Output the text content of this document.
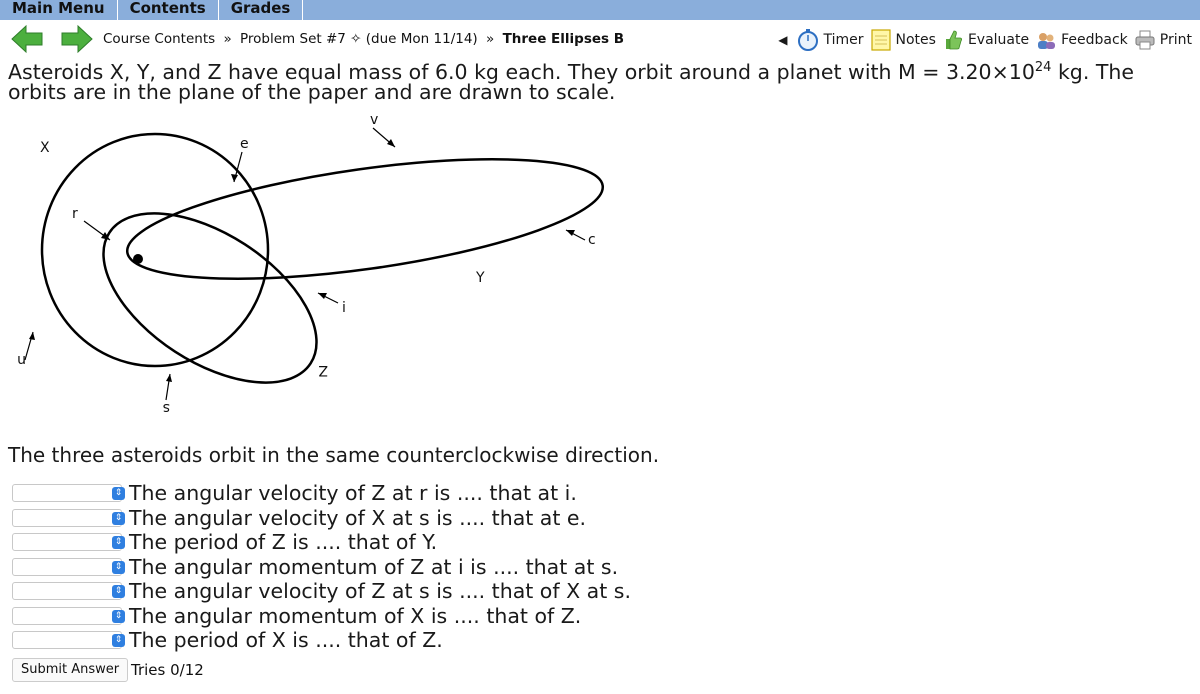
Main Menu	Contents	Grades
Course Contents » Problem Set #7 ✧ (due Mon 11/14) » Three Ellipses B	◀	Timer Notes Evaluate Feedback Print
Asteroids X, Y, and Z have equal mass of 6.0 kg each. They orbit around a planet with $M = 3.20\times 10^{24}$ kg. The orbits are in the plane of the paper and are drawn to scale.
X	e
v
r
c
Y
i
n
Z
s
The three asteroids orbit in the same counterclockwise direction.
⇕ The angular velocity of Z at r is .... that at i.
⇕ The angular velocity of X at s is .... that at e.
⇕ The period of Z is .... that of Y.
⇕ The angular momentum of Z at i is .... that at s.
⇕ The angular velocity of Z at s is .... that of X at s.
⇕ The angular momentum of X is .... that of Z.
⇕ The period of X is .... that of Z.
Submit Answer Tries 0/12
